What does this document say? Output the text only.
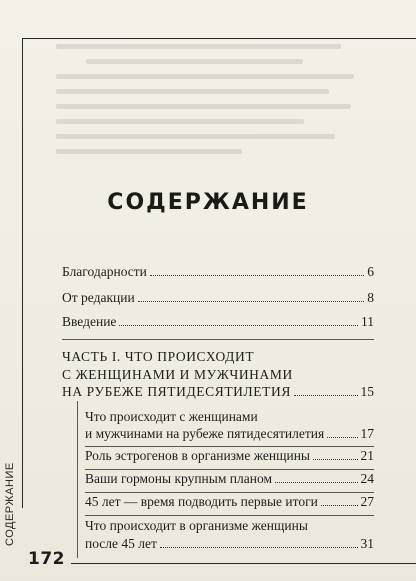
СОДЕРЖАНИЕ
172
СОДЕРЖАНИЕ
Благодарности	6
От редакции	8
Введение	11
ЧАСТЬ I. ЧТО ПРОИСХОДИТ
С ЖЕНЩИНАМИ И МУЖЧИНАМИ
НА РУБЕЖЕ ПЯТИДЕСЯТИЛЕТИЯ	15
Что происходит с женщинами
и мужчинами на рубеже пятидесятилетия	17
Роль эстрогенов в организме женщины	21
Ваши гормоны крупным планом	24
45 лет — время подводить первые итоги	27
Что происходит в организме женщины
после 45 лет	31
